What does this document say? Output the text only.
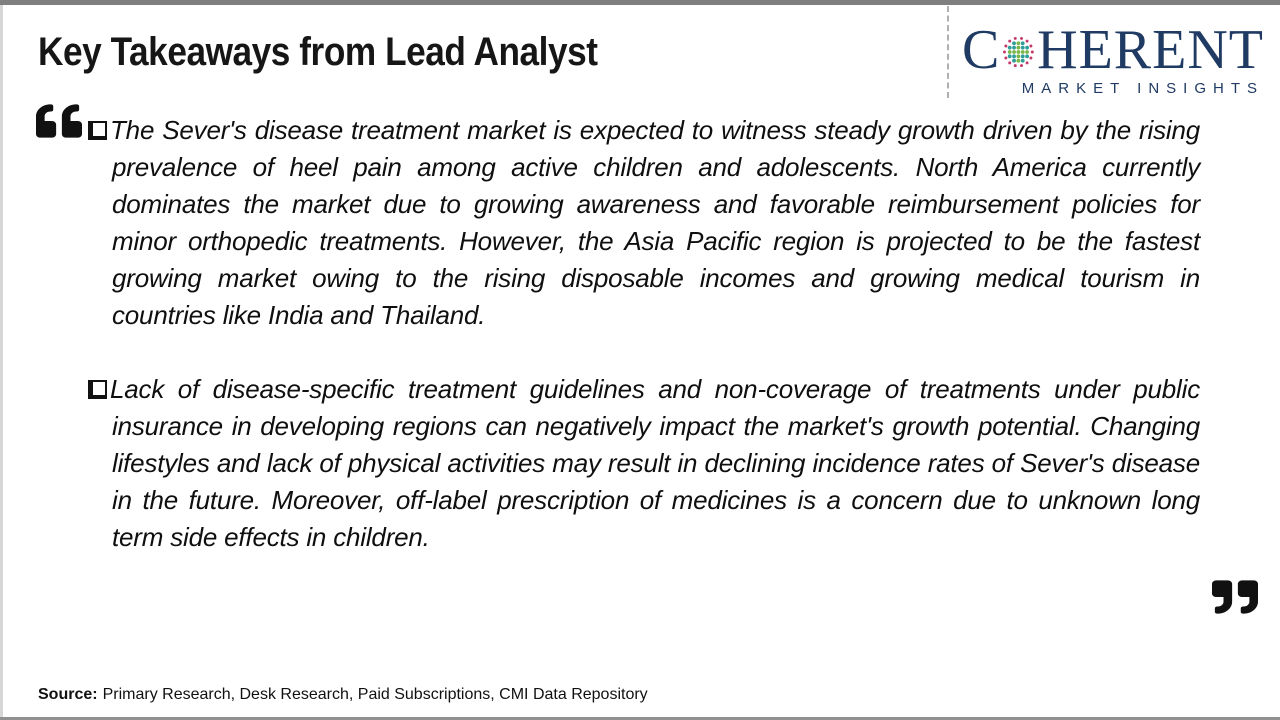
Key Takeaways from Lead Analyst	C HERENT
MARKET INSIGHTS
The Sever's disease treatment market is expected to witness steady growth driven by the rising prevalence of heel pain among active children and adolescents. North America currently dominates the market due to growing awareness and favorable reimbursement policies for minor orthopedic treatments. However, the Asia Pacific region is projected to be the fastest growing market owing to the rising disposable incomes and growing medical tourism in countries like India and Thailand.
Lack of disease-specific treatment guidelines and non-coverage of treatments under public insurance in developing regions can negatively impact the market's growth potential. Changing lifestyles and lack of physical activities may result in declining incidence rates of Sever's disease in the future. Moreover, off-label prescription of medicines is a concern due to unknown long term side effects in children.
Source: Primary Research, Desk Research, Paid Subscriptions, CMI Data Repository
